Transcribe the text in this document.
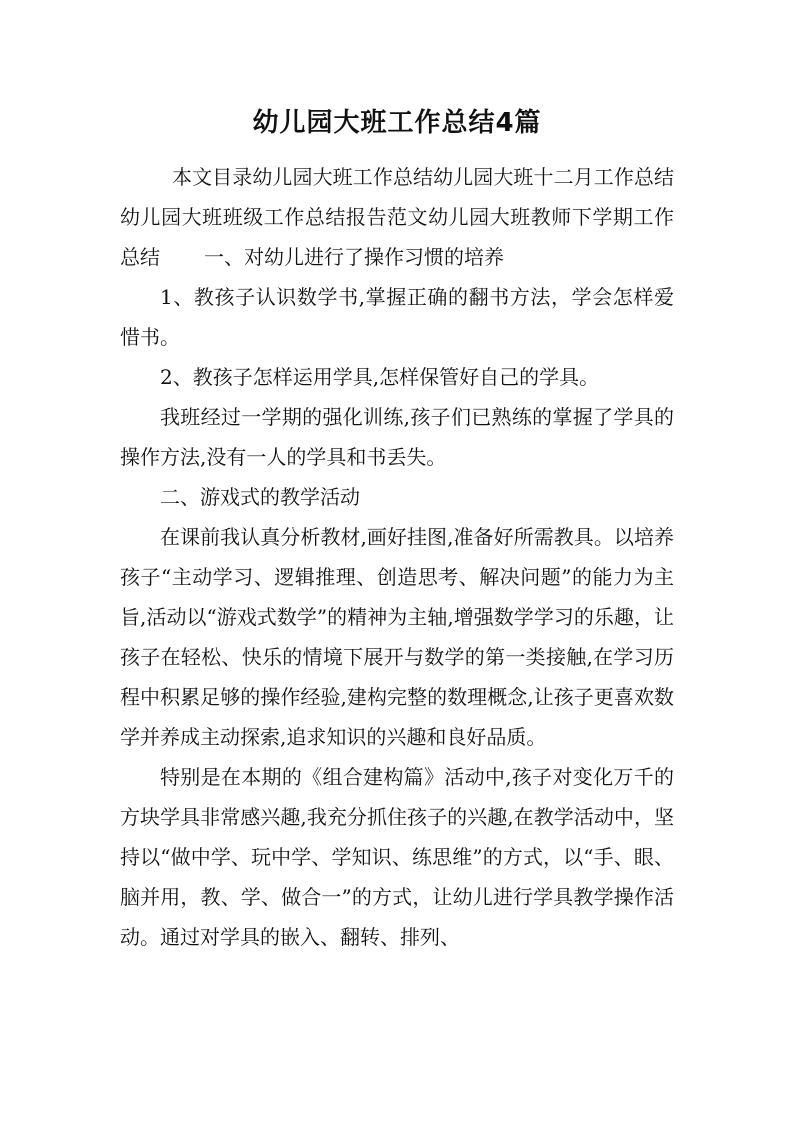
幼儿园大班工作总结4篇

本文目录幼儿园大班工作总结幼儿园大班十二月工作总结幼儿园大班班级工作总结报告范文幼儿园大班教师下学期工作总结 一、对幼儿进行了操作习惯的培养

1、教孩子认识数学书,掌握正确的翻书方法，学会怎样爱惜书。

2、教孩子怎样运用学具,怎样保管好自己的学具。

我班经过一学期的强化训练,孩子们已熟练的掌握了学具的操作方法,没有一人的学具和书丢失。

二、游戏式的教学活动

在课前我认真分析教材,画好挂图,准备好所需教具。以培养孩子“主动学习、逻辑推理、创造思考、解决问题”的能力为主旨,活动以“游戏式数学”的精神为主轴,增强数学学习的乐趣，让孩子在轻松、快乐的情境下展开与数学的第一类接触,在学习历程中积累足够的操作经验,建构完整的数理概念,让孩子更喜欢数学并养成主动探索,追求知识的兴趣和良好品质。

特别是在本期的《组合建构篇》活动中,孩子对变化万千的方块学具非常感兴趣,我充分抓住孩子的兴趣,在教学活动中，坚持以“做中学、玩中学、学知识、练思维”的方式，以“手、眼、脑并用，教、学、做合一”的方式，让幼儿进行学具教学操作活动。通过对学具的嵌入、翻转、排列、
